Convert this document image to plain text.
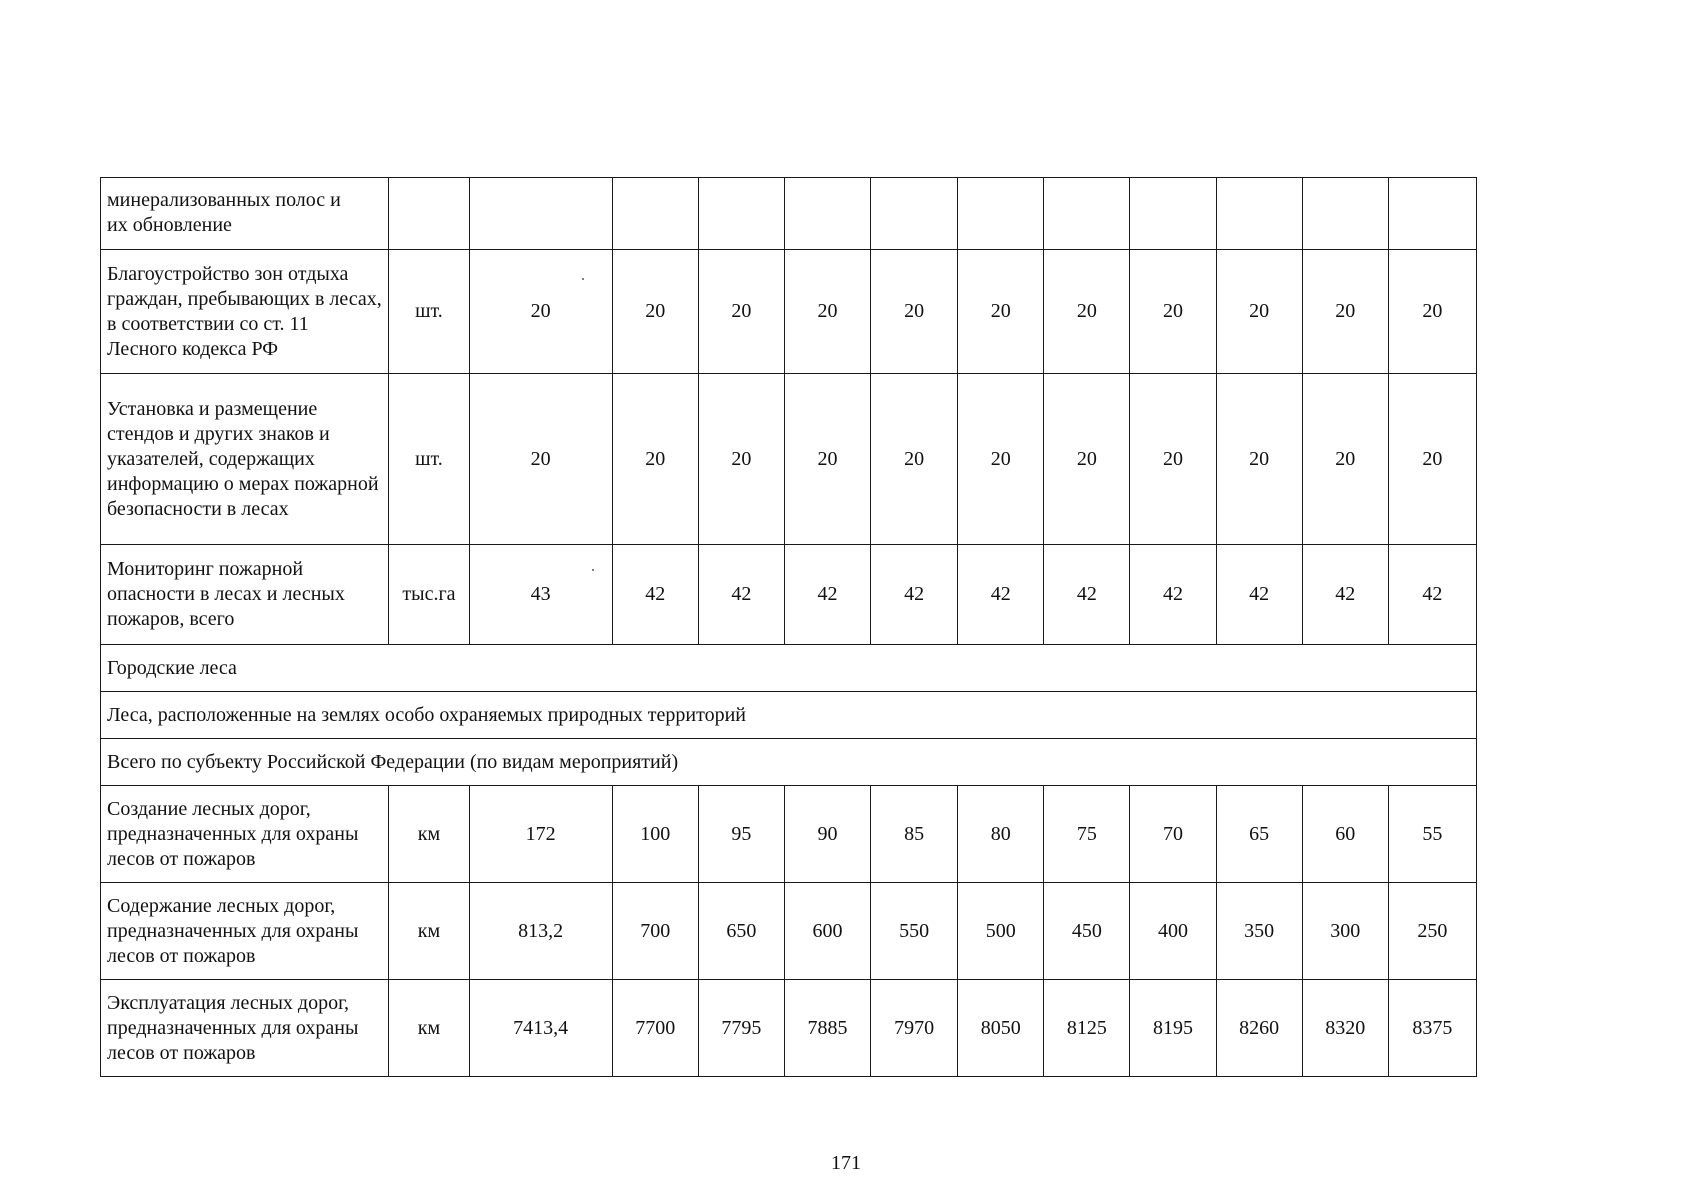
минерализованных полос и
их обновление												
Благоустройство зон отдыха граждан, пребывающих в лесах, в соответствии со ст. 11 Лесного кодекса РФ	шт.	20	20	20	20	20	20	20	20	20	20	20
Установка и размещение стендов и других знаков и указателей, содержащих информацию о мерах пожарной безопасности в лесах	шт.	20	20	20	20	20	20	20	20	20	20	20
Мониторинг пожарной опасности в лесах и лесных пожаров, всего	тыс.га	43	42	42	42	42	42	42	42	42	42	42
Городские леса												
Леса, расположенные на землях особо охраняемых природных территорий												
Всего по субъекту Российской Федерации (по видам мероприятий)												
Создание лесных дорог, предназначенных для охраны лесов от пожаров	км	172	100	95	90	85	80	75	70	65	60	55
Содержание лесных дорог, предназначенных для охраны лесов от пожаров	км	813,2	700	650	600	550	500	450	400	350	300	250
Эксплуатация лесных дорог, предназначенных для охраны лесов от пожаров	км	7413,4	7700	7795	7885	7970	8050	8125	8195	8260	8320	8375
171
